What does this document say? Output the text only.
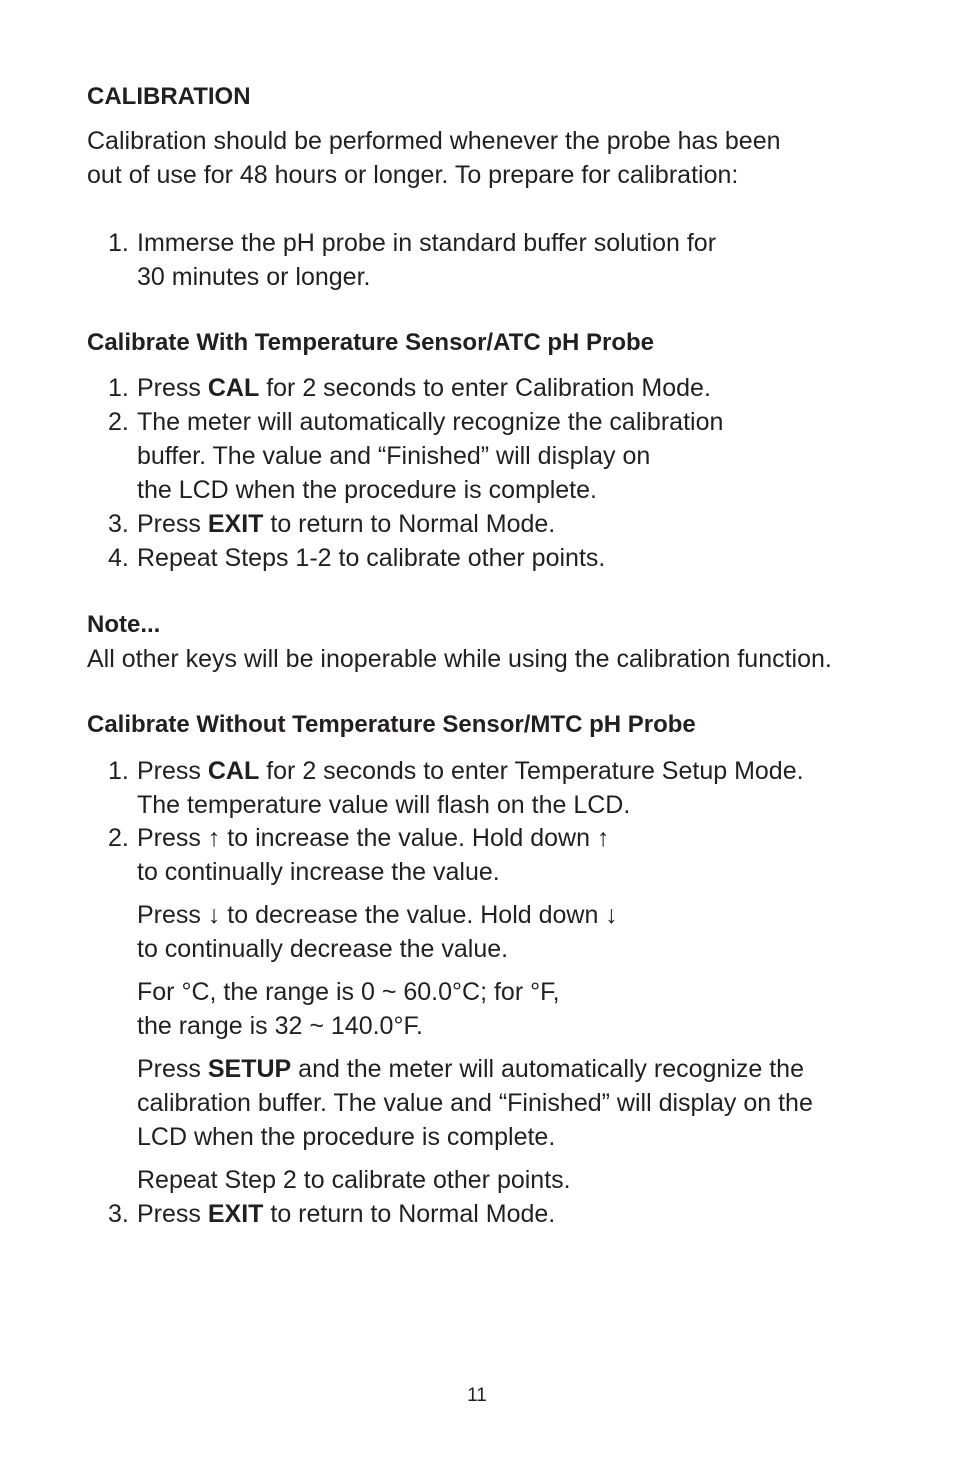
CALIBRATION
Calibration should be performed whenever the probe has been
out of use for 48 hours or longer. To prepare for calibration:
1. Immerse the pH probe in standard buffer solution for
30 minutes or longer.
Calibrate With Temperature Sensor/ATC pH Probe
1. Press CAL for 2 seconds to enter Calibration Mode.
2. The meter will automatically recognize the calibration
buffer. The value and “Finished” will display on
the LCD when the procedure is complete.
3. Press EXIT to return to Normal Mode.
4. Repeat Steps 1-2 to calibrate other points.
Note...
All other keys will be inoperable while using the calibration function.
Calibrate Without Temperature Sensor/MTC pH Probe
1. Press CAL for 2 seconds to enter Temperature Setup Mode.
The temperature value will flash on the LCD.
2. Press ↑ to increase the value. Hold down ↑
to continually increase the value.
Press ↓ to decrease the value. Hold down ↓
to continually decrease the value.
For °C, the range is 0 ~ 60.0°C; for °F,
the range is 32 ~ 140.0°F.
Press SETUP and the meter will automatically recognize the
calibration buffer. The value and “Finished” will display on the
LCD when the procedure is complete.
Repeat Step 2 to calibrate other points.
3. Press EXIT to return to Normal Mode.
11
